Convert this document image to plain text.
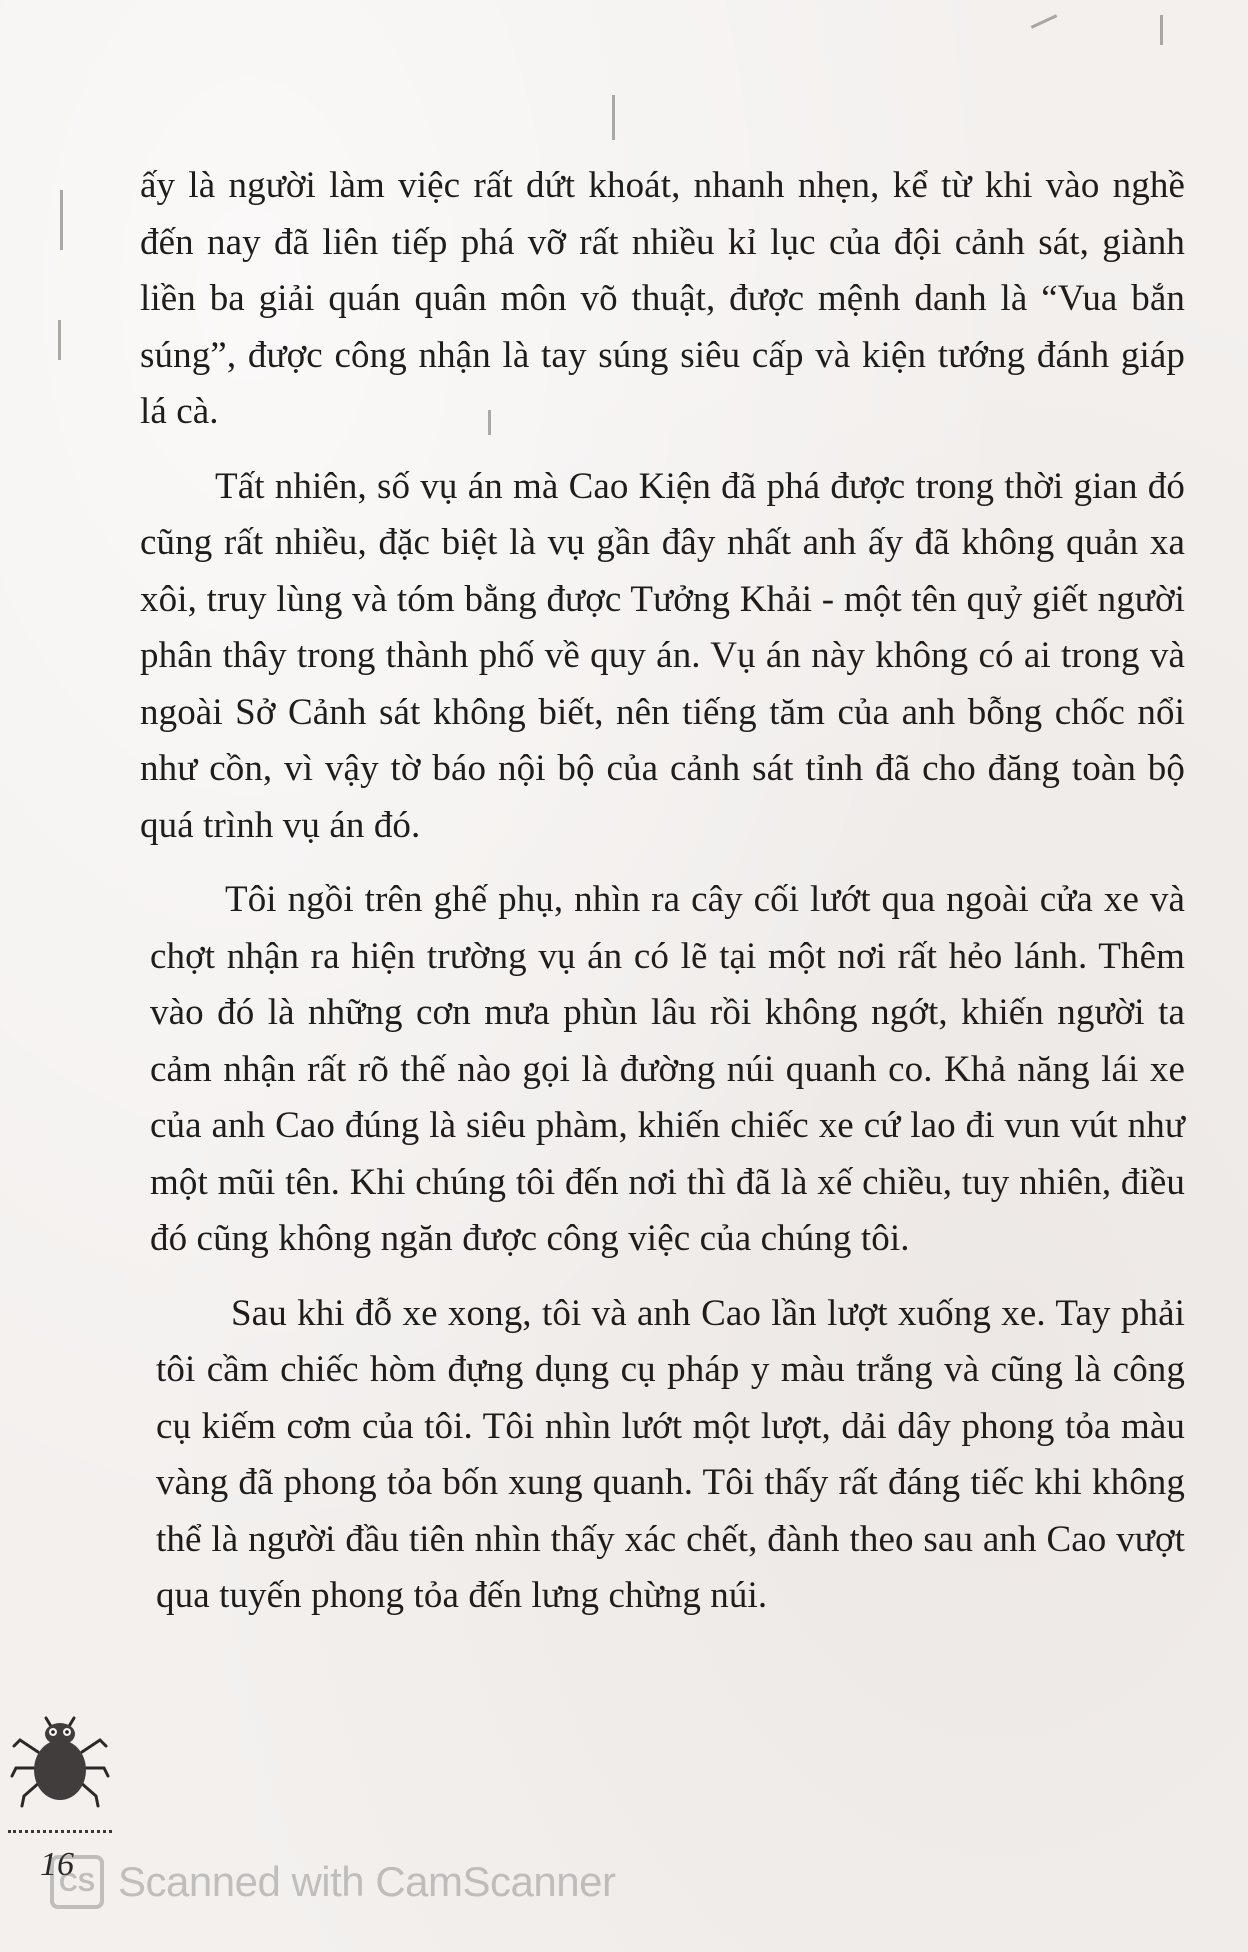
ấy là người làm việc rất dứt khoát, nhanh nhẹn, kể từ khi vào nghề đến nay đã liên tiếp phá vỡ rất nhiều kỉ lục của đội cảnh sát, giành liền ba giải quán quân môn võ thuật, được mệnh danh là “Vua bắn súng”, được công nhận là tay súng siêu cấp và kiện tướng đánh giáp lá cà.

Tất nhiên, số vụ án mà Cao Kiện đã phá được trong thời gian đó cũng rất nhiều, đặc biệt là vụ gần đây nhất anh ấy đã không quản xa xôi, truy lùng và tóm bằng được Tưởng Khải - một tên quỷ giết người phân thây trong thành phố về quy án. Vụ án này không có ai trong và ngoài Sở Cảnh sát không biết, nên tiếng tăm của anh bỗng chốc nổi như cồn, vì vậy tờ báo nội bộ của cảnh sát tỉnh đã cho đăng toàn bộ quá trình vụ án đó.

Tôi ngồi trên ghế phụ, nhìn ra cây cối lướt qua ngoài cửa xe và chợt nhận ra hiện trường vụ án có lẽ tại một nơi rất hẻo lánh. Thêm vào đó là những cơn mưa phùn lâu rồi không ngớt, khiến người ta cảm nhận rất rõ thế nào gọi là đường núi quanh co. Khả năng lái xe của anh Cao đúng là siêu phàm, khiến chiếc xe cứ lao đi vun vút như một mũi tên. Khi chúng tôi đến nơi thì đã là xế chiều, tuy nhiên, điều đó cũng không ngăn được công việc của chúng tôi.

Sau khi đỗ xe xong, tôi và anh Cao lần lượt xuống xe. Tay phải tôi cầm chiếc hòm đựng dụng cụ pháp y màu trắng và cũng là công cụ kiếm cơm của tôi. Tôi nhìn lướt một lượt, dải dây phong tỏa màu vàng đã phong tỏa bốn xung quanh. Tôi thấy rất đáng tiếc khi không thể là người đầu tiên nhìn thấy xác chết, đành theo sau anh Cao vượt qua tuyến phong tỏa đến lưng chừng núi.

16
CS Scanned with CamScanner
